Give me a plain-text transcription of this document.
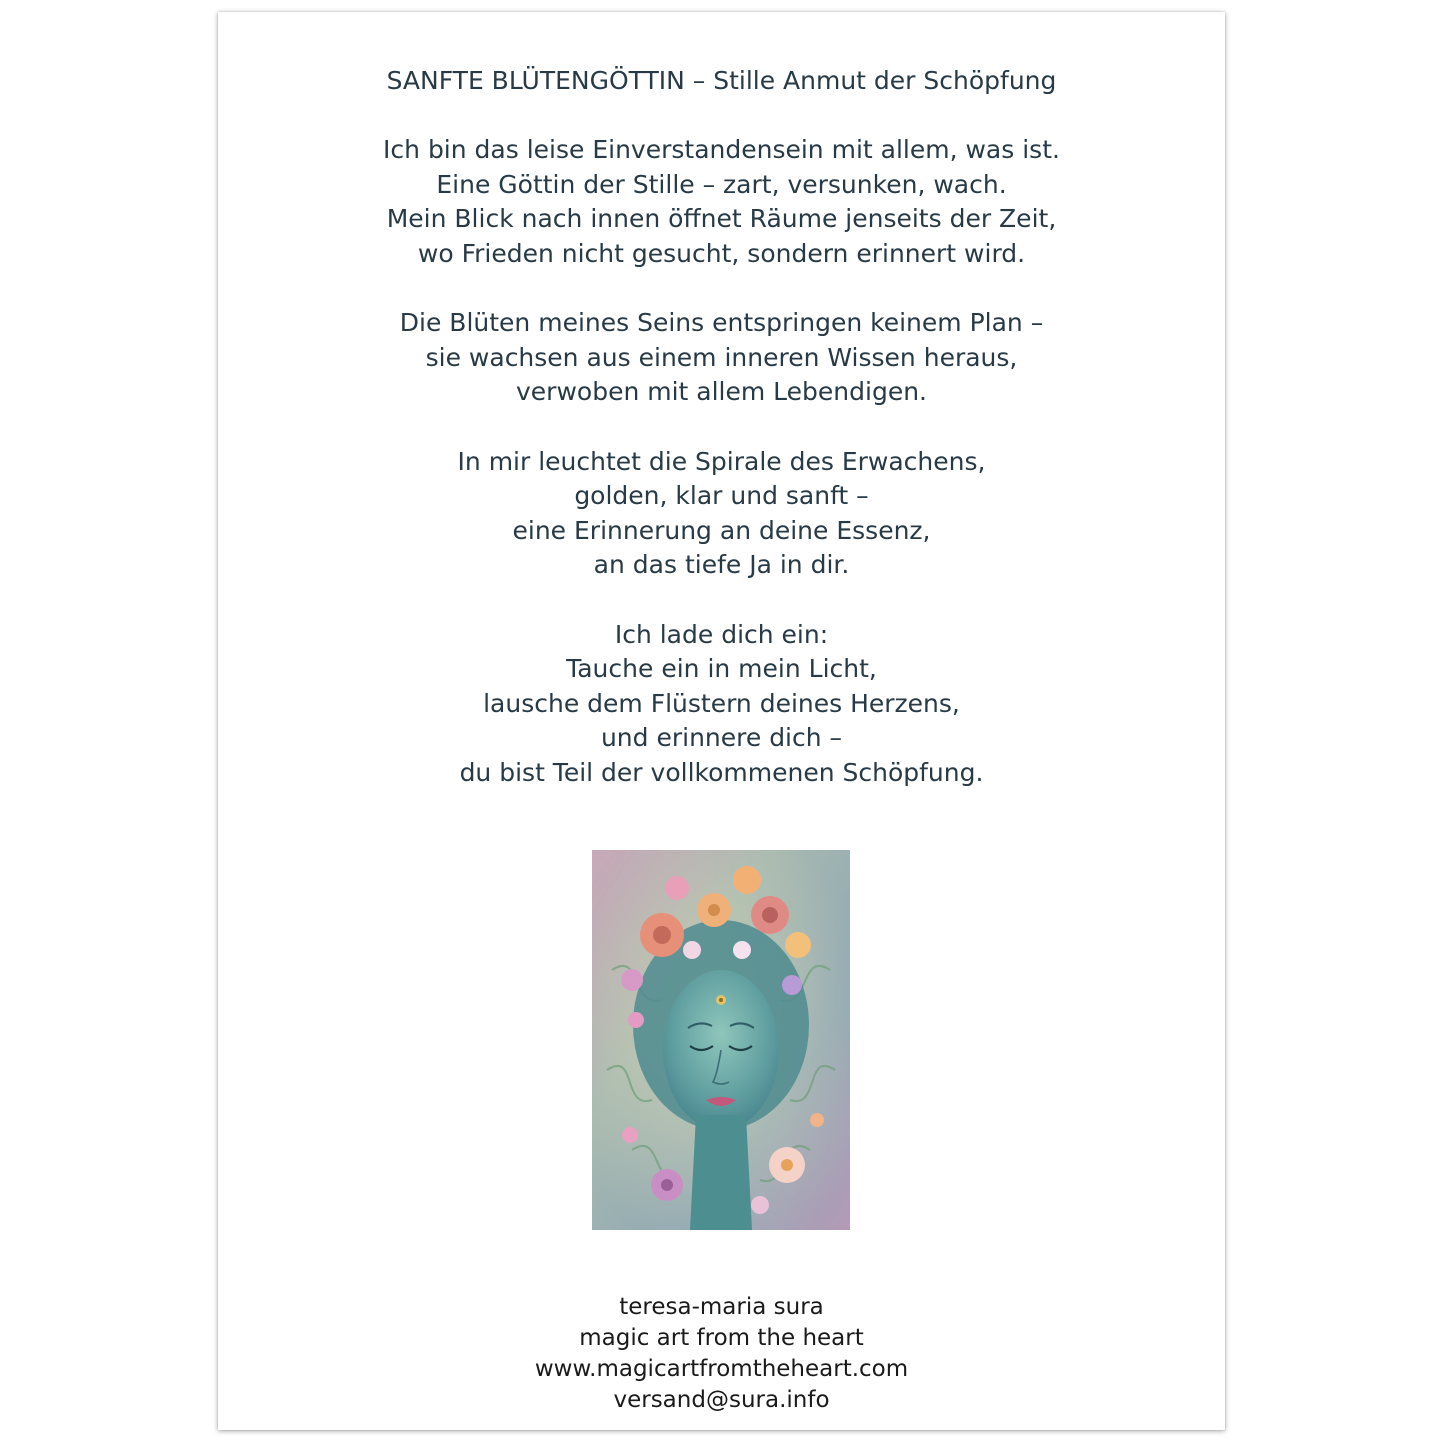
SANFTE BLÜTENGÖTTIN – Stille Anmut der Schöpfung
Ich bin das leise Einverstandensein mit allem, was ist.
Eine Göttin der Stille – zart, versunken, wach.
Mein Blick nach innen öffnet Räume jenseits der Zeit,
wo Frieden nicht gesucht, sondern erinnert wird.
Die Blüten meines Seins entspringen keinem Plan –
sie wachsen aus einem inneren Wissen heraus,
verwoben mit allem Lebendigen.
In mir leuchtet die Spirale des Erwachens,
golden, klar und sanft –
eine Erinnerung an deine Essenz,
an das tiefe Ja in dir.
Ich lade dich ein:
Tauche ein in mein Licht,
lausche dem Flüstern deines Herzens,
und erinnere dich –
du bist Teil der vollkommenen Schöpfung.
teresa-maria sura
magic art from the heart
www.magicartfromtheheart.com
versand@sura.info
